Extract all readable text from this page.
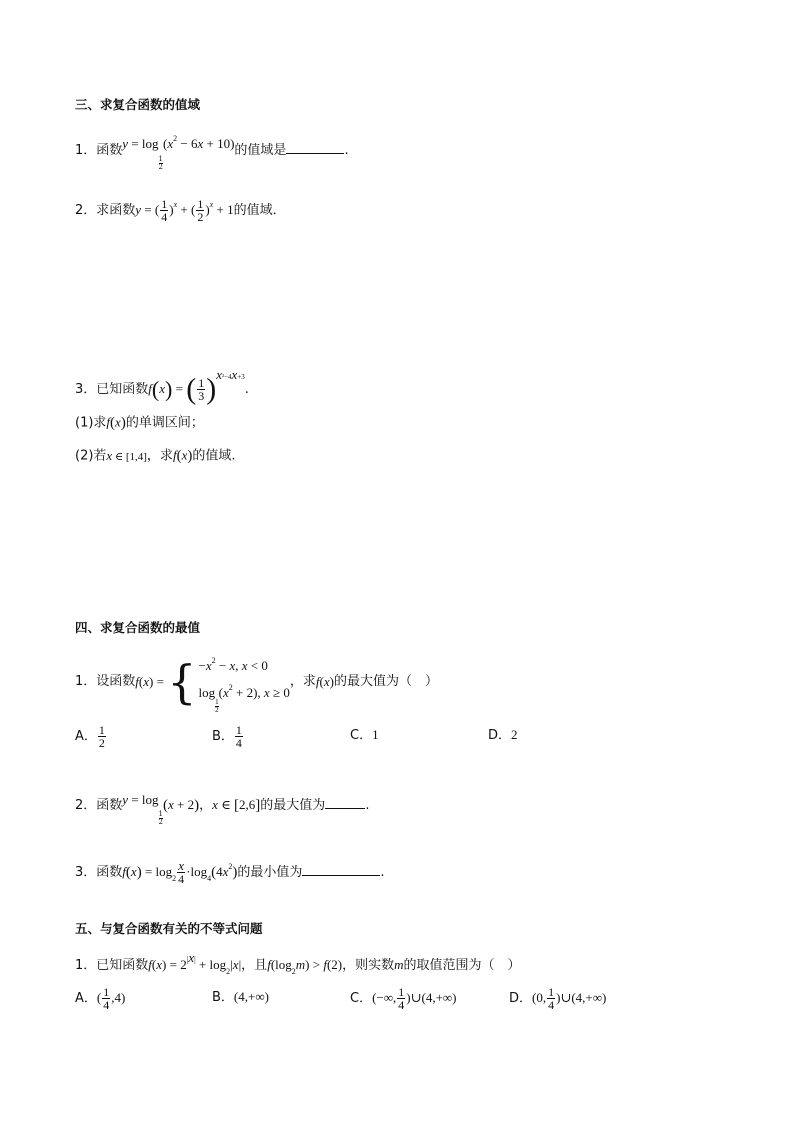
三、求复合函数的值域
1．函数y = log
$\frac{1}{2}$
$(x^2 - 6x + 10)$的值域是	.
2．求函数y = ( $\frac{1}{4} )^x$ + ( $\frac{1}{2} )^x + 1$的值域．
3．已知函数f(x) = ( $\frac{1}{3} )^{x^2-4x+3}$.
(1)求f(x)的单调区间；
(2)若x ∈ [1,4]，求f(x)的值域.
四、求复合函数的最值
1．设函数f(x) = { $-x^2 - x$, x < 0
log
$\frac{1}{2}$
$(x^2 + 2)$, x ≥ 0
，求f(x)的最大值为（　）
A． $\frac{1}{2}$	B． $\frac{1}{4}$	C．1	D．2
2．函数y = log
$\frac{1}{2}$
(x + 2)，x ∈ [2,6]的最大值为	.
3．函数$f(x) = \log_2 \frac{x}{4} \cdot\log_4(4x^2)$的最小值为	.
五、与复合函数有关的不等式问题
1．已知函数$f(x) = 2^{|x|} + \log_2|x|$，且$f(\log_2m) > f(2)$，则实数m的取值范围为（　）
A．( $\frac{1}{4} ,4$)	B．(4,+∞)	C．(−∞, $\frac{1}{4}$ )∪(4,+∞)	D．(0, $\frac{1}{4}$ )∪(4,+∞)
